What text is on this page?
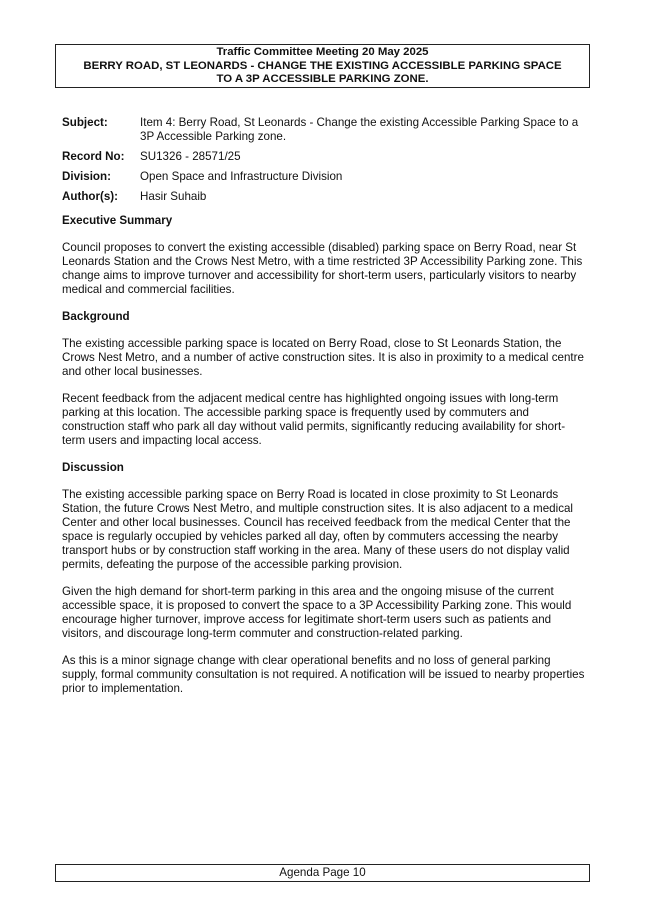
Traffic Committee Meeting 20 May 2025
BERRY ROAD, ST LEONARDS - CHANGE THE EXISTING ACCESSIBLE PARKING SPACE
TO A 3P ACCESSIBLE PARKING ZONE.
Subject:	Item 4: Berry Road, St Leonards - Change the existing Accessible Parking Space to a 3P Accessible Parking zone.
Record No:	SU1326 - 28571/25
Division:	Open Space and Infrastructure Division
Author(s):	Hasir Suhaib
Executive Summary

Council proposes to convert the existing accessible (disabled) parking space on Berry Road, near St Leonards Station and the Crows Nest Metro, with a time restricted 3P Accessibility Parking zone. This change aims to improve turnover and accessibility for short-term users, particularly visitors to nearby medical and commercial facilities.

Background

The existing accessible parking space is located on Berry Road, close to St Leonards Station, the Crows Nest Metro, and a number of active construction sites. It is also in proximity to a medical centre and other local businesses.

Recent feedback from the adjacent medical centre has highlighted ongoing issues with long-term parking at this location. The accessible parking space is frequently used by commuters and construction staff who park all day without valid permits, significantly reducing availability for short-term users and impacting local access.

Discussion

The existing accessible parking space on Berry Road is located in close proximity to St Leonards Station, the future Crows Nest Metro, and multiple construction sites. It is also adjacent to a medical Center and other local businesses. Council has received feedback from the medical Center that the space is regularly occupied by vehicles parked all day, often by commuters accessing the nearby transport hubs or by construction staff working in the area. Many of these users do not display valid permits, defeating the purpose of the accessible parking provision.

Given the high demand for short-term parking in this area and the ongoing misuse of the current accessible space, it is proposed to convert the space to a 3P Accessibility Parking zone. This would encourage higher turnover, improve access for legitimate short-term users such as patients and visitors, and discourage long-term commuter and construction-related parking.

As this is a minor signage change with clear operational benefits and no loss of general parking supply, formal community consultation is not required. A notification will be issued to nearby properties prior to implementation.

Agenda Page 10
